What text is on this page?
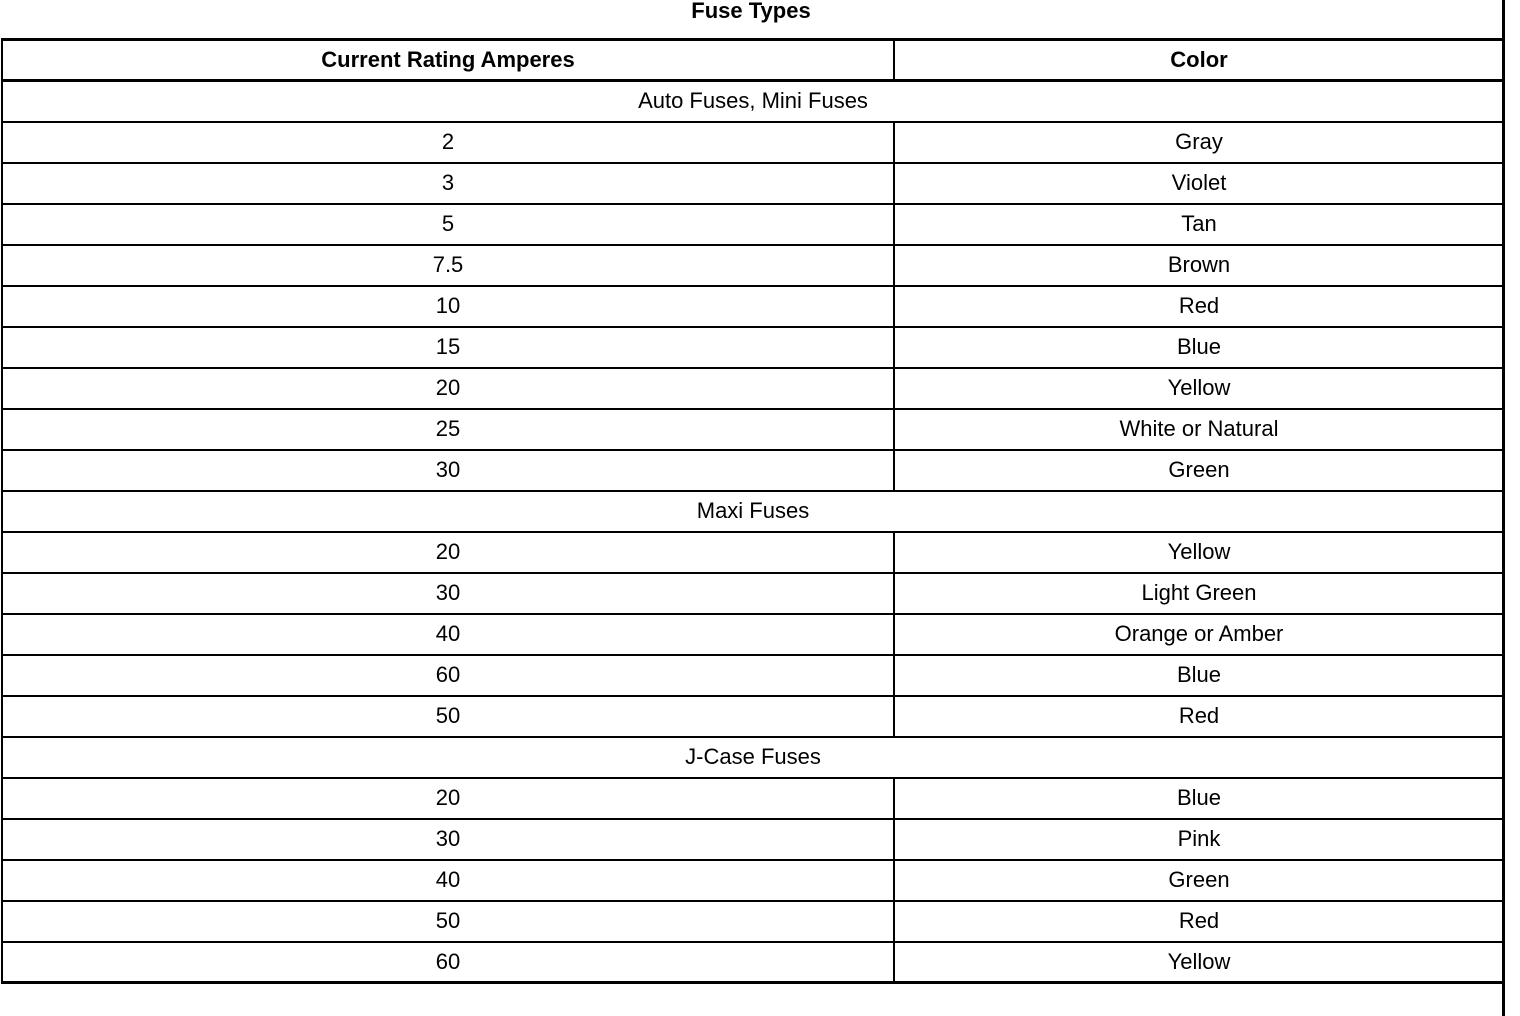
Fuse Types
Current Rating Amperes	Color
Auto Fuses, Mini Fuses	
2	Gray
3	Violet
5	Tan
7.5	Brown
10	Red
15	Blue
20	Yellow
25	White or Natural
30	Green
Maxi Fuses	
20	Yellow
30	Light Green
40	Orange or Amber
60	Blue
50	Red
J-Case Fuses	
20	Blue
30	Pink
40	Green
50	Red
60	Yellow
